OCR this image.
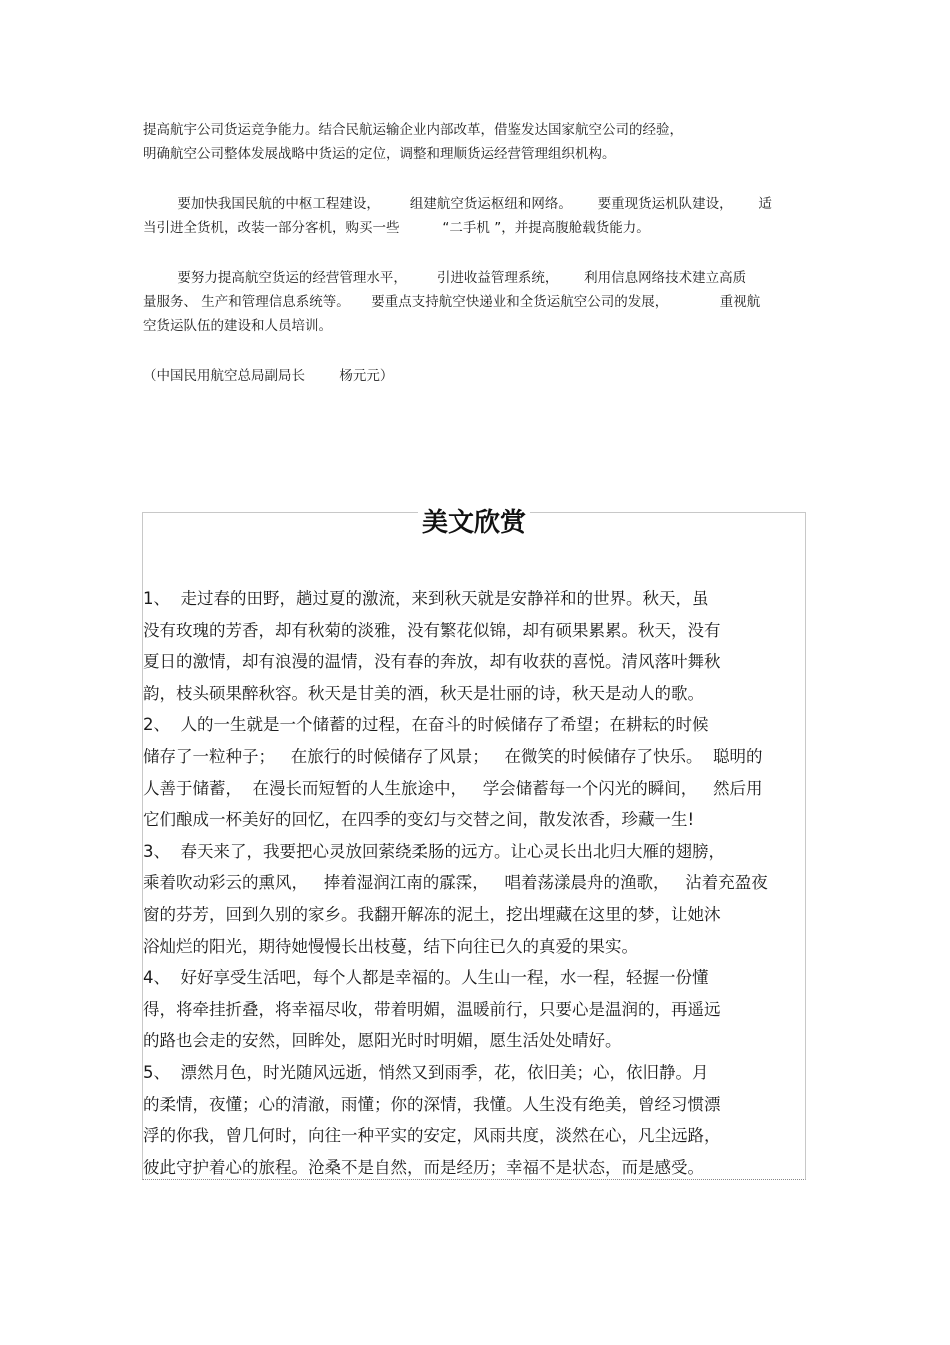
提高航宇公司货运竞争能力。结合民航运输企业内部改革，借鉴发达国家航空公司的经验，

明确航空公司整体发展战略中货运的定位，调整和理顺货运经营管理组织机构。

要加快我国民航的中枢工程建设，       组建航空货运枢纽和网络。      要重现货运机队建设，      适

当引进全货机，改装一部分客机，购买一些          “二手机 ”，并提高腹舱载货能力。

要努力提高航空货运的经营管理水平，       引进收益管理系统，      利用信息网络技术建立高质

量服务、 生产和管理信息系统等。     要重点支持航空快递业和全货运航空公司的发展，            重视航

空货运队伍的建设和人员培训。

（中国民用航空总局副局长        杨元元）

美文欣赏

1、  走过春的田野，趟过夏的激流，来到秋天就是安静祥和的世界。秋天，虽

没有玫瑰的芳香，却有秋菊的淡雅，没有繁花似锦，却有硕果累累。秋天，没有

夏日的激情，却有浪漫的温情，没有春的奔放，却有收获的喜悦。清风落叶舞秋

韵，枝头硕果醉秋容。秋天是甘美的酒，秋天是壮丽的诗，秋天是动人的歌。

2、  人的一生就是一个储蓄的过程，在奋斗的时候储存了希望；在耕耘的时候

储存了一粒种子；   在旅行的时候储存了风景；   在微笑的时候储存了快乐。  聪明的

人善于储蓄，  在漫长而短暂的人生旅途中，   学会储蓄每一个闪光的瞬间，   然后用

它们酿成一杯美好的回忆，在四季的变幻与交替之间，散发浓香，珍藏一生!

3、  春天来了，我要把心灵放回萦绕柔肠的远方。让心灵长出北归大雁的翅膀，

乘着吹动彩云的熏风，   捧着湿润江南的霡霂，   唱着荡漾晨舟的渔歌，   沾着充盈夜

窗的芬芳，回到久别的家乡。我翻开解冻的泥土，挖出埋藏在这里的梦，让她沐

浴灿烂的阳光，期待她慢慢长出枝蔓，结下向往已久的真爱的果实。

4、  好好享受生活吧，每个人都是幸福的。人生山一程，水一程，轻握一份懂

得，将牵挂折叠，将幸福尽收，带着明媚，温暖前行，只要心是温润的，再遥远

的路也会走的安然，回眸处，愿阳光时时明媚，愿生活处处晴好。

5、  漂然月色，时光随风远逝，悄然又到雨季，花，依旧美；心，依旧静。月

的柔情，夜懂；心的清澈，雨懂；你的深情，我懂。人生没有绝美，曾经习惯漂

浮的你我，曾几何时，向往一种平实的安定，风雨共度，淡然在心，凡尘远路，

彼此守护着心的旅程。沧桑不是自然，而是经历；幸福不是状态，而是感受。
